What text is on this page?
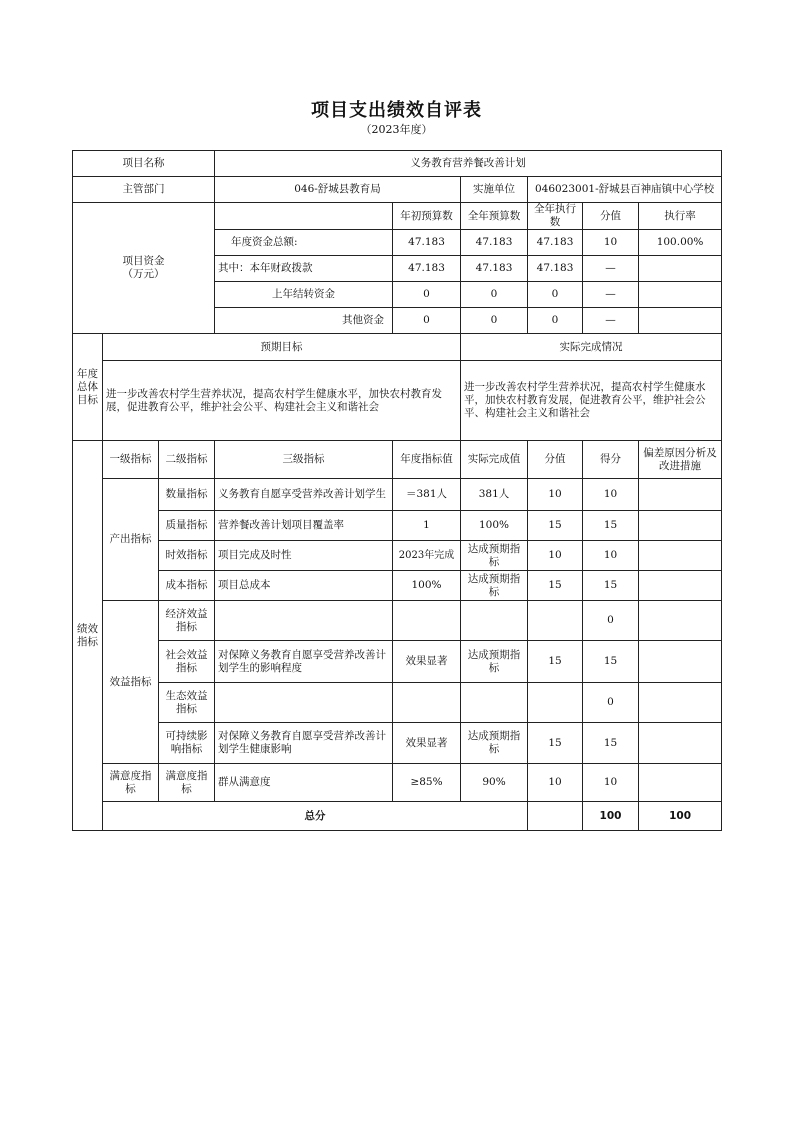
项目支出绩效自评表
（2023年度）
项目名称			义务教育营养餐改善计划						
主管部门			046-舒城县教育局		实施单位	046023001-舒城县百神庙镇中心学校			
项目资金
（万元）				年初预算数	全年预算数	全年执行数	分值	执行率	
			年度资金总额:	47.183	47.183	47.183	10	100.00%	
			其中：本年财政拨款	47.183	47.183	47.183	—		
			上年结转资金	0	0	0	—		
			其他资金	0	0	0	—		
年度
总体
目标	预期目标				实际完成情况				
	进一步改善农村学生营养状况，提高农村学生健康水平，加快农村教育发展，促进教育公平，维护社会公平、构建社会主义和谐社会				进一步改善农村学生营养状况，提高农村学生健康水平，加快农村教育发展，促进教育公平，维护社会公平、构建社会主义和谐社会				
绩效
指标	一级指标	二级指标	三级指标	年度指标值	实际完成值	分值	得分	偏差原因分析及改进措施	
	产出指标	数量指标	义务教育自愿享受营养改善计划学生	＝381人	381人	10	10		
		质量指标	营养餐改善计划项目覆盖率	1	100%	15	15		
		时效指标	项目完成及时性	2023年完成	达成预期指标	10	10		
		成本指标	项目总成本	100%	达成预期指标	15	15		
	效益指标	经济效益指标					0		
		社会效益指标	对保障义务教育自愿享受营养改善计划学生的影响程度	效果显著	达成预期指标	15	15		
		生态效益指标					0		
		可持续影响指标	对保障义务教育自愿享受营养改善计划学生健康影响	效果显著	达成预期指标	15	15		
	满意度指标	满意度指标	群从满意度	≥85%	90%	10	10		
	总分						100	100	
